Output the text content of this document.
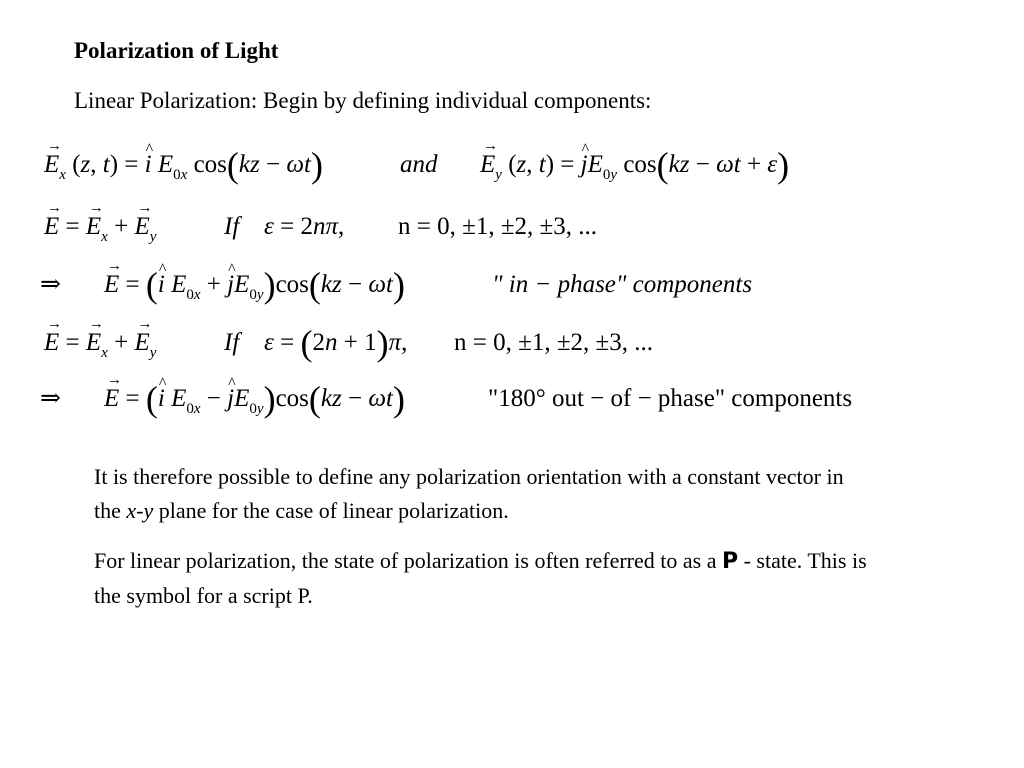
Polarization of Light
Linear Polarization: Begin by defining individual components:
→ $E_x$ (z, t) = ^ i $E_{0x}$ cos(kz − ωt)	and → $E_y$ (z, t) = ^ $jE_{0y}$ cos(kz − ωt + ε)
→ E = → $E_x$ + → $E_y$	If ε = 2nπ, n = 0, ±1, ±2, ±3, ...
⇒ → E = (^ i $E_{0x}$ + ^ $jE_{0y})\cos(kz - \omega t)$	" in − phase" components
→ E = → $E_x$ + → $E_y$	If ε = (2n + 1)π, n = 0, ±1, ±2, ±3, ...
⇒ → E = (^ i $E_{0x}$ − ^ $jE_{0y})\cos(kz - \omega t)$	"180° out − of − phase" components
It is therefore possible to define any polarization orientation with a constant vector in the x-y plane for the case of linear polarization.
For linear polarization, the state of polarization is often referred to as a P - state. This is the symbol for a script P.
